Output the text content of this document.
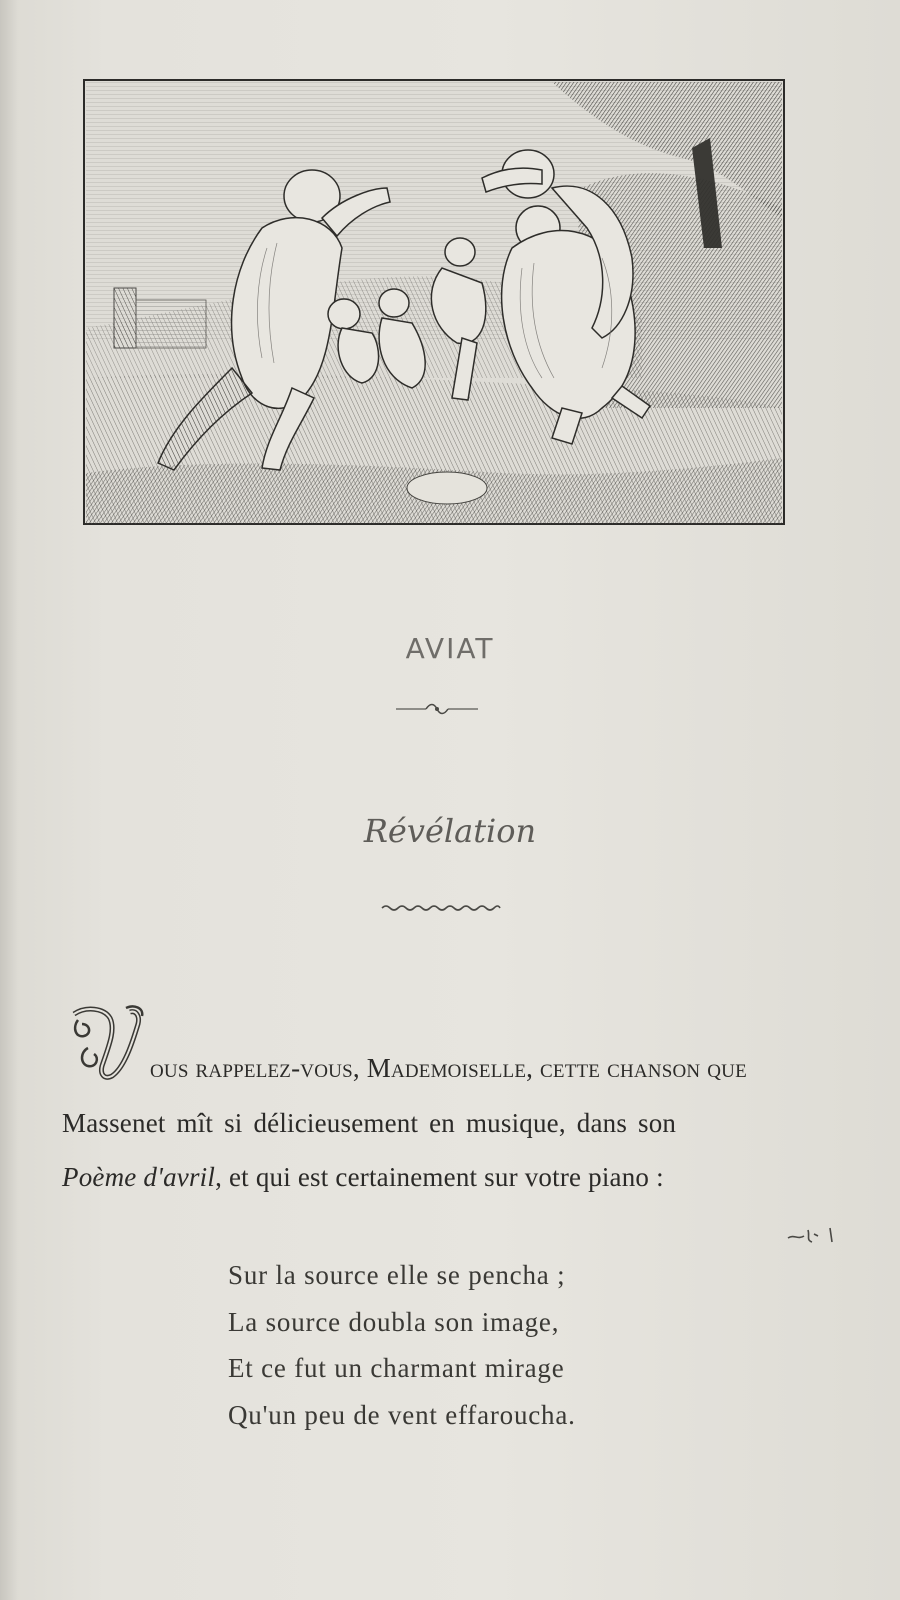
AVIAT
Révélation
ous rappelez-vous, Mademoiselle, cette chanson que
Massenet mît si délicieusement en musique, dans son
Poème d'avril, et qui est certainement sur votre piano :
Sur la source elle se pencha ;
La source doubla son image,
Et ce fut un charmant mirage
Qu'un peu de vent effaroucha.
